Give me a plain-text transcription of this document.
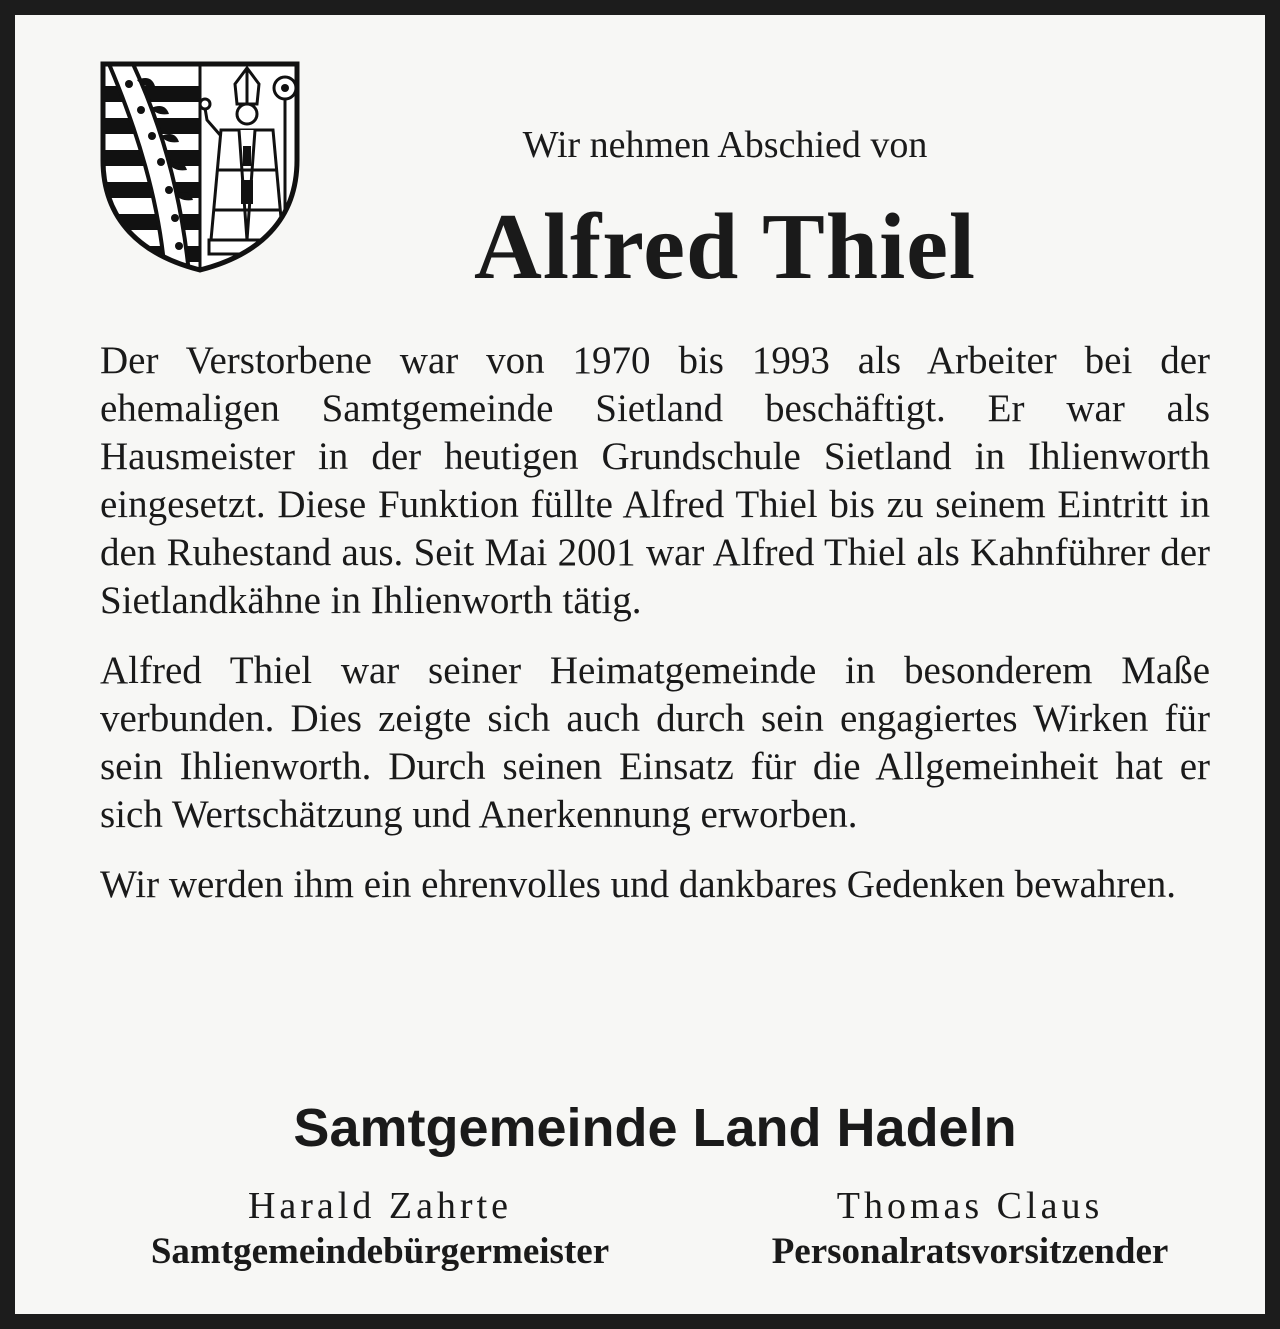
Wir nehmen Abschied von
Alfred Thiel

Der Verstorbene war von 1970 bis 1993 als Arbeiter bei der ehemaligen Samtgemeinde Sietland beschäftigt. Er war als Hausmeister in der heutigen Grundschule Sietland in Ihlienworth eingesetzt. Diese Funktion füllte Alfred Thiel bis zu seinem Eintritt in den Ruhestand aus. Seit Mai 2001 war Alfred Thiel als Kahnführer der Sietlandkähne in Ihlienworth tätig.

Alfred Thiel war seiner Heimatgemeinde in besonderem Maße verbunden. Dies zeigte sich auch durch sein engagiertes Wirken für sein Ihlienworth. Durch seinen Einsatz für die Allgemeinheit hat er sich Wertschätzung und Anerkennung erworben.

Wir werden ihm ein ehrenvolles und dankbares Gedenken bewahren.

Samtgemeinde Land Hadeln
Harald Zahrte
Samtgemeindebürgermeister
Thomas Claus
Personalratsvorsitzender
